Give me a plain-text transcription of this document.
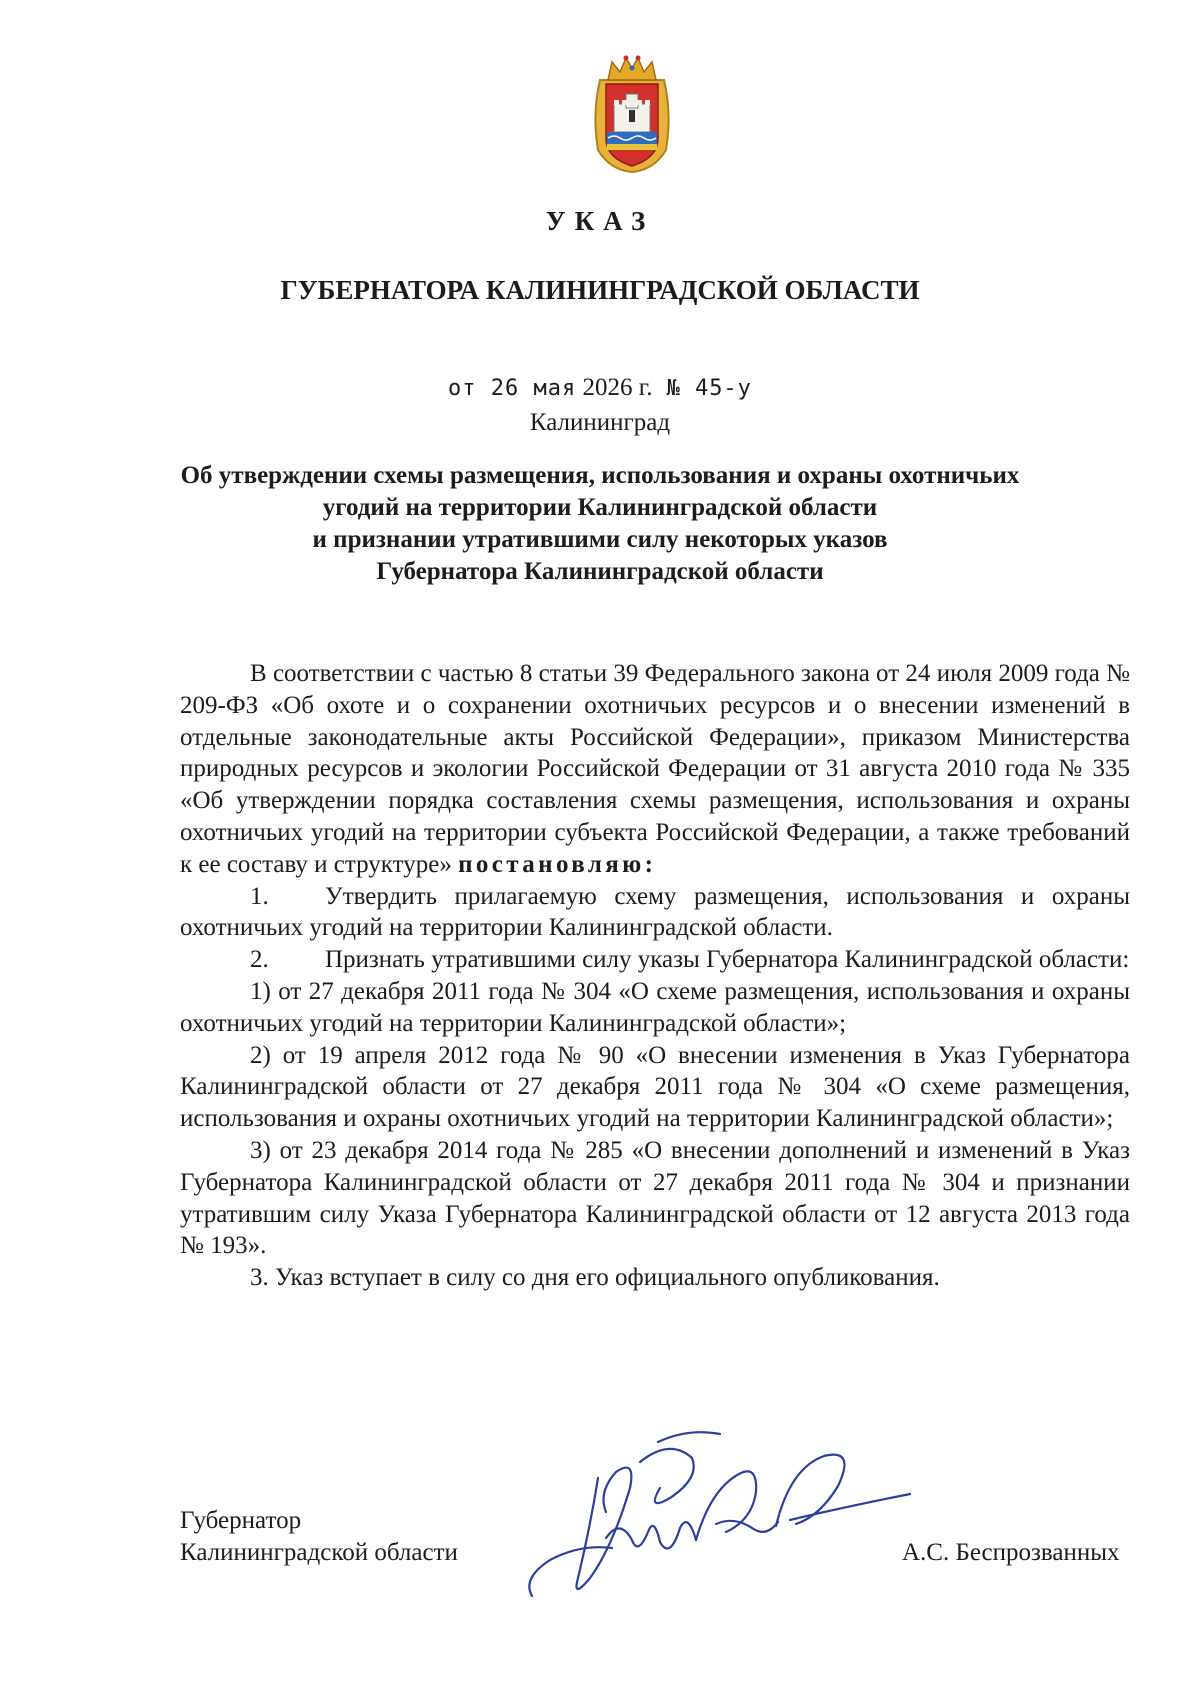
УКАЗ

ГУБЕРНАТОРА КАЛИНИНГРАДСКОЙ ОБЛАСТИ

от 26 мая 2026 г. № 45-у

Калининград

Об утверждении схемы размещения, использования и охраны охотничьих
угодий на территории Калининградской области
и признании утратившими силу некоторых указов
Губернатора Калининградской области

В соответствии с частью 8 статьи 39 Федерального закона от 24 июля 2009 года № 209-ФЗ «Об охоте и о сохранении охотничьих ресурсов и о внесении изменений в отдельные законодательные акты Российской Федерации», приказом Министерства природных ресурсов и экологии Российской Федерации от 31 августа 2010 года № 335 «Об утверждении порядка составления схемы размещения, использования и охраны охотничьих угодий на территории субъекта Российской Федерации, а также требований к ее составу и структуре» постановляю:

1. Утвердить прилагаемую схему размещения, использования и охраны охотничьих угодий на территории Калининградской области.

2. Признать утратившими силу указы Губернатора Калининградской области:

1) от 27 декабря 2011 года № 304 «О схеме размещения, использования и охраны охотничьих угодий на территории Калининградской области»;

2) от 19 апреля 2012 года № 90 «О внесении изменения в Указ Губернатора Калининградской области от 27 декабря 2011 года № 304 «О схеме размещения, использования и охраны охотничьих угодий на территории Калининградской области»;

3) от 23 декабря 2014 года № 285 «О внесении дополнений и изменений в Указ Губернатора Калининградской области от 27 декабря 2011 года № 304 и признании утратившим силу Указа Губернатора Калининградской области от 12 августа 2013 года № 193».

3. Указ вступает в силу со дня его официального опубликования.

Губернатор
Калининградской области	А.С. Беспрозванных
